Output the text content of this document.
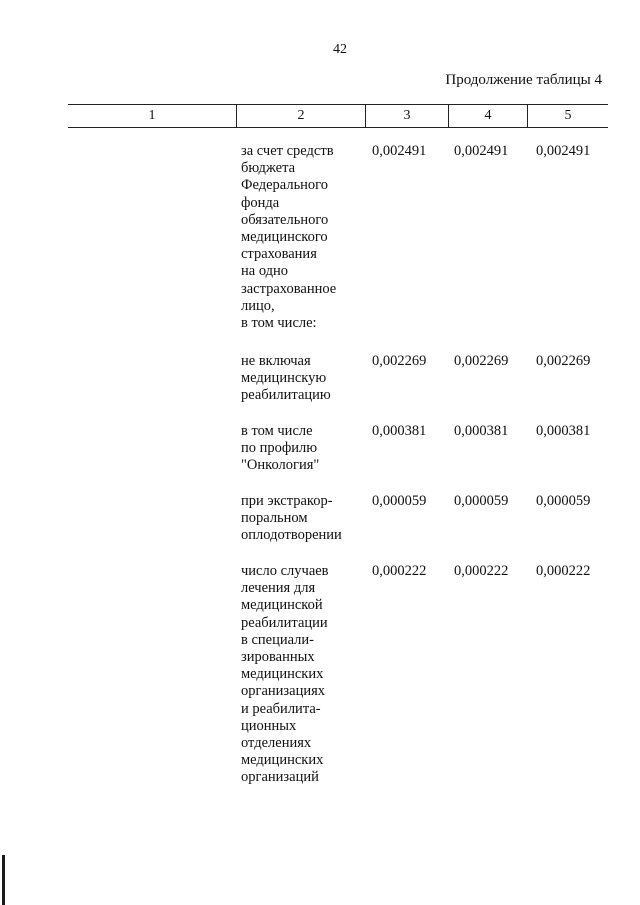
42
Продолжение таблицы 4
1	2	3	4	5
за счет средств
бюджета
Федерального
фонда
обязательного
медицинского
страхования
на одно
застрахованное
лицо,
в том числе:
0,002491 0,002491 0,002491
не включая
медицинскую
реабилитацию
0,002269 0,002269 0,002269
в том числе
по профилю
"Онкология"
0,000381 0,000381 0,000381
при экстракор-
поральном
оплодотворении
0,000059 0,000059 0,000059
число случаев
лечения для
медицинской
реабилитации
в специали-
зированных
медицинских
организациях
и реабилита-
ционных
отделениях
медицинских
организаций
0,000222 0,000222 0,000222
